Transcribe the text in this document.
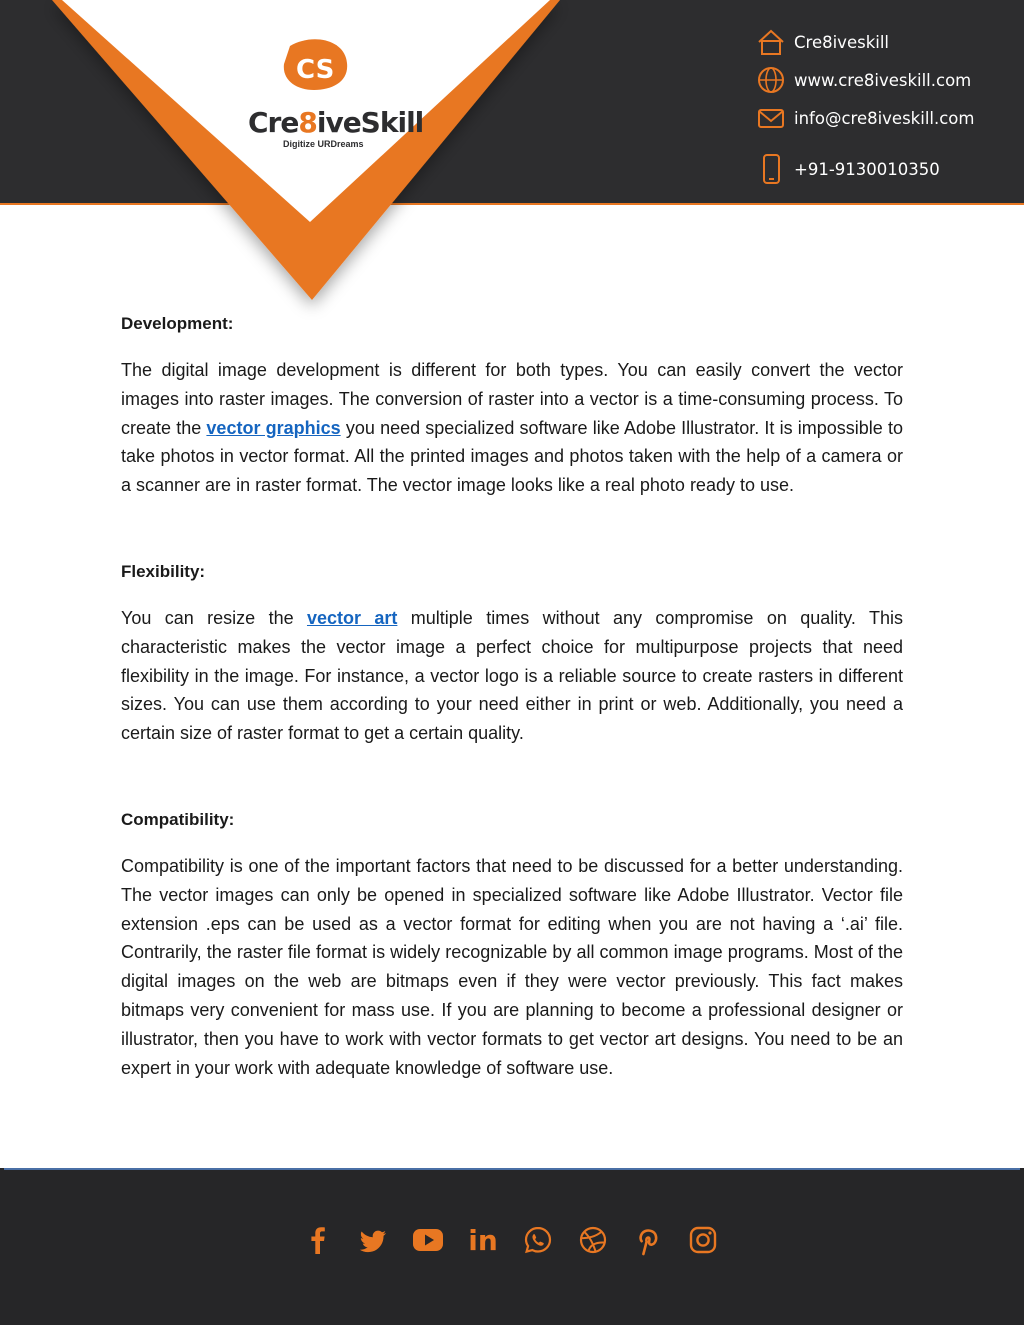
CS
Cre8iveSkill
Digitize URDreams
Cre8iveskill
www.cre8iveskill.com
info@cre8iveskill.com
+91-9130010350
Development:

The digital image development is different for both types. You can easily convert the vector images into raster images. The conversion of raster into a vector is a time-consuming process. To create the vector graphics you need specialized software like Adobe Illustrator. It is impossible to take photos in vector format. All the printed images and photos taken with the help of a camera or a scanner are in raster format. The vector image looks like a real photo ready to use.

Flexibility:

You can resize the vector art multiple times without any compromise on quality. This characteristic makes the vector image a perfect choice for multipurpose projects that need flexibility in the image. For instance, a vector logo is a reliable source to create rasters in different sizes. You can use them according to your need either in print or web. Additionally, you need a certain size of raster format to get a certain quality.

Compatibility:

Compatibility is one of the important factors that need to be discussed for a better understanding. The vector images can only be opened in specialized software like Adobe Illustrator. Vector file extension .eps can be used as a vector format for editing when you are not having a ‘.ai’ file. Contrarily, the raster file format is widely recognizable by all common image programs. Most of the digital images on the web are bitmaps even if they were vector previously. This fact makes bitmaps very convenient for mass use. If you are planning to become a professional designer or illustrator, then you have to work with vector formats to get vector art designs. You need to be an expert in your work with adequate knowledge of software use.

in
